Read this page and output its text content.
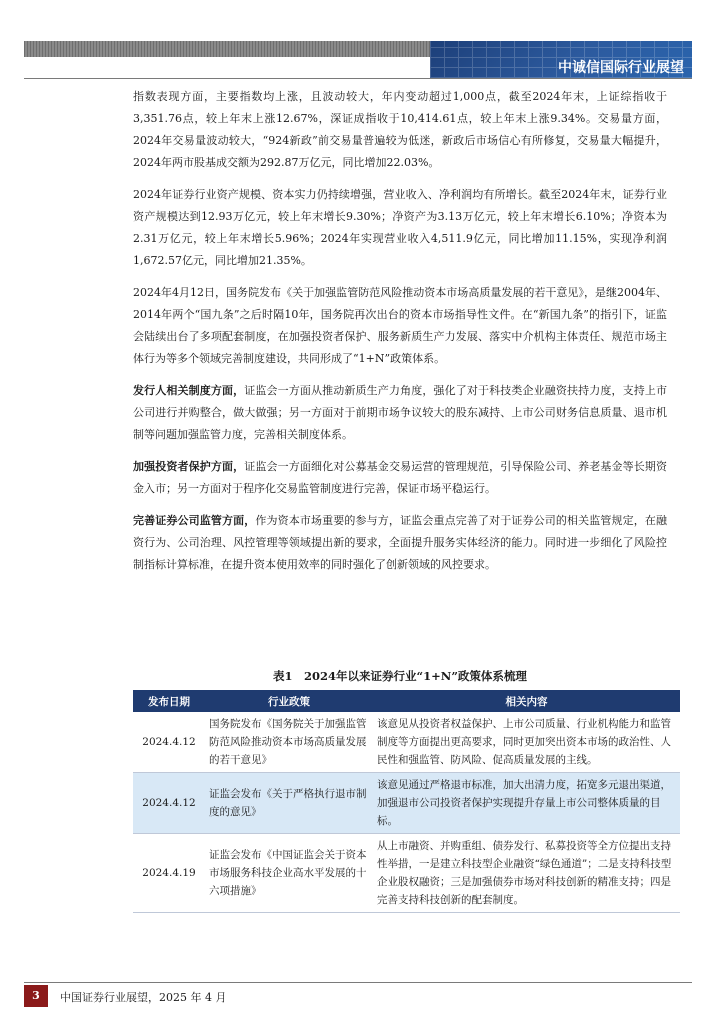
中诚信国际行业展望

指数表现方面，主要指数均上涨，且波动较大，年内变动超过1,000点，截至2024年末，上证综指收于3,351.76点，较上年末上涨12.67%，深证成指收于10,414.61点，较上年末上涨9.34%。交易量方面，2024年交易量波动较大，“924新政”前交易量普遍较为低迷，新政后市场信心有所修复，交易量大幅提升，2024年两市股基成交额为292.87万亿元，同比增加22.03%。

2024年证券行业资产规模、资本实力仍持续增强，营业收入、净利润均有所增长。截至2024年末，证券行业资产规模达到12.93万亿元，较上年末增长9.30%；净资产为3.13万亿元，较上年末增长6.10%；净资本为2.31万亿元，较上年末增长5.96%；2024年实现营业收入4,511.9亿元，同比增加11.15%，实现净利润1,672.57亿元，同比增加21.35%。

2024年4月12日，国务院发布《关于加强监管防范风险推动资本市场高质量发展的若干意见》，是继2004年、2014年两个“国九条”之后时隔10年，国务院再次出台的资本市场指导性文件。在“新国九条”的指引下，证监会陆续出台了多项配套制度，在加强投资者保护、服务新质生产力发展、落实中介机构主体责任、规范市场主体行为等多个领域完善制度建设，共同形成了“1+N”政策体系。

发行人相关制度方面，证监会一方面从推动新质生产力角度，强化了对于科技类企业融资扶持力度，支持上市公司进行并购整合，做大做强；另一方面对于前期市场争议较大的股东减持、上市公司财务信息质量、退市机制等问题加强监管力度，完善相关制度体系。

加强投资者保护方面，证监会一方面细化对公募基金交易运营的管理规范，引导保险公司、养老基金等长期资金入市；另一方面对于程序化交易监管制度进行完善，保证市场平稳运行。

完善证券公司监管方面，作为资本市场重要的参与方，证监会重点完善了对于证券公司的相关监管规定，在融资行为、公司治理、风控管理等领域提出新的要求，全面提升服务实体经济的能力。同时进一步细化了风险控制指标计算标准，在提升资本使用效率的同时强化了创新领域的风控要求。

表1　2024年以来证券行业“1+N”政策体系梳理
发布日期	行业政策	相关内容
2024.4.12	国务院发布《国务院关于加强监管防范风险推动资本市场高质量发展的若干意见》	该意见从投资者权益保护、上市公司质量、行业机构能力和监管制度等方面提出更高要求，同时更加突出资本市场的政治性、人民性和强监管、防风险、促高质量发展的主线。
2024.4.12	证监会发布《关于严格执行退市制度的意见》	该意见通过严格退市标准，加大出清力度，拓宽多元退出渠道，加强退市公司投资者保护实现提升存量上市公司整体质量的目标。
2024.4.19	证监会发布《中国证监会关于资本市场服务科技企业高水平发展的十六项措施》	从上市融资、并购重组、债券发行、私募投资等全方位提出支持性举措，一是建立科技型企业融资“绿色通道”；二是支持科技型企业股权融资；三是加强债券市场对科技创新的精准支持；四是完善支持科技创新的配套制度。
3	中国证券行业展望，2025 年 4 月
